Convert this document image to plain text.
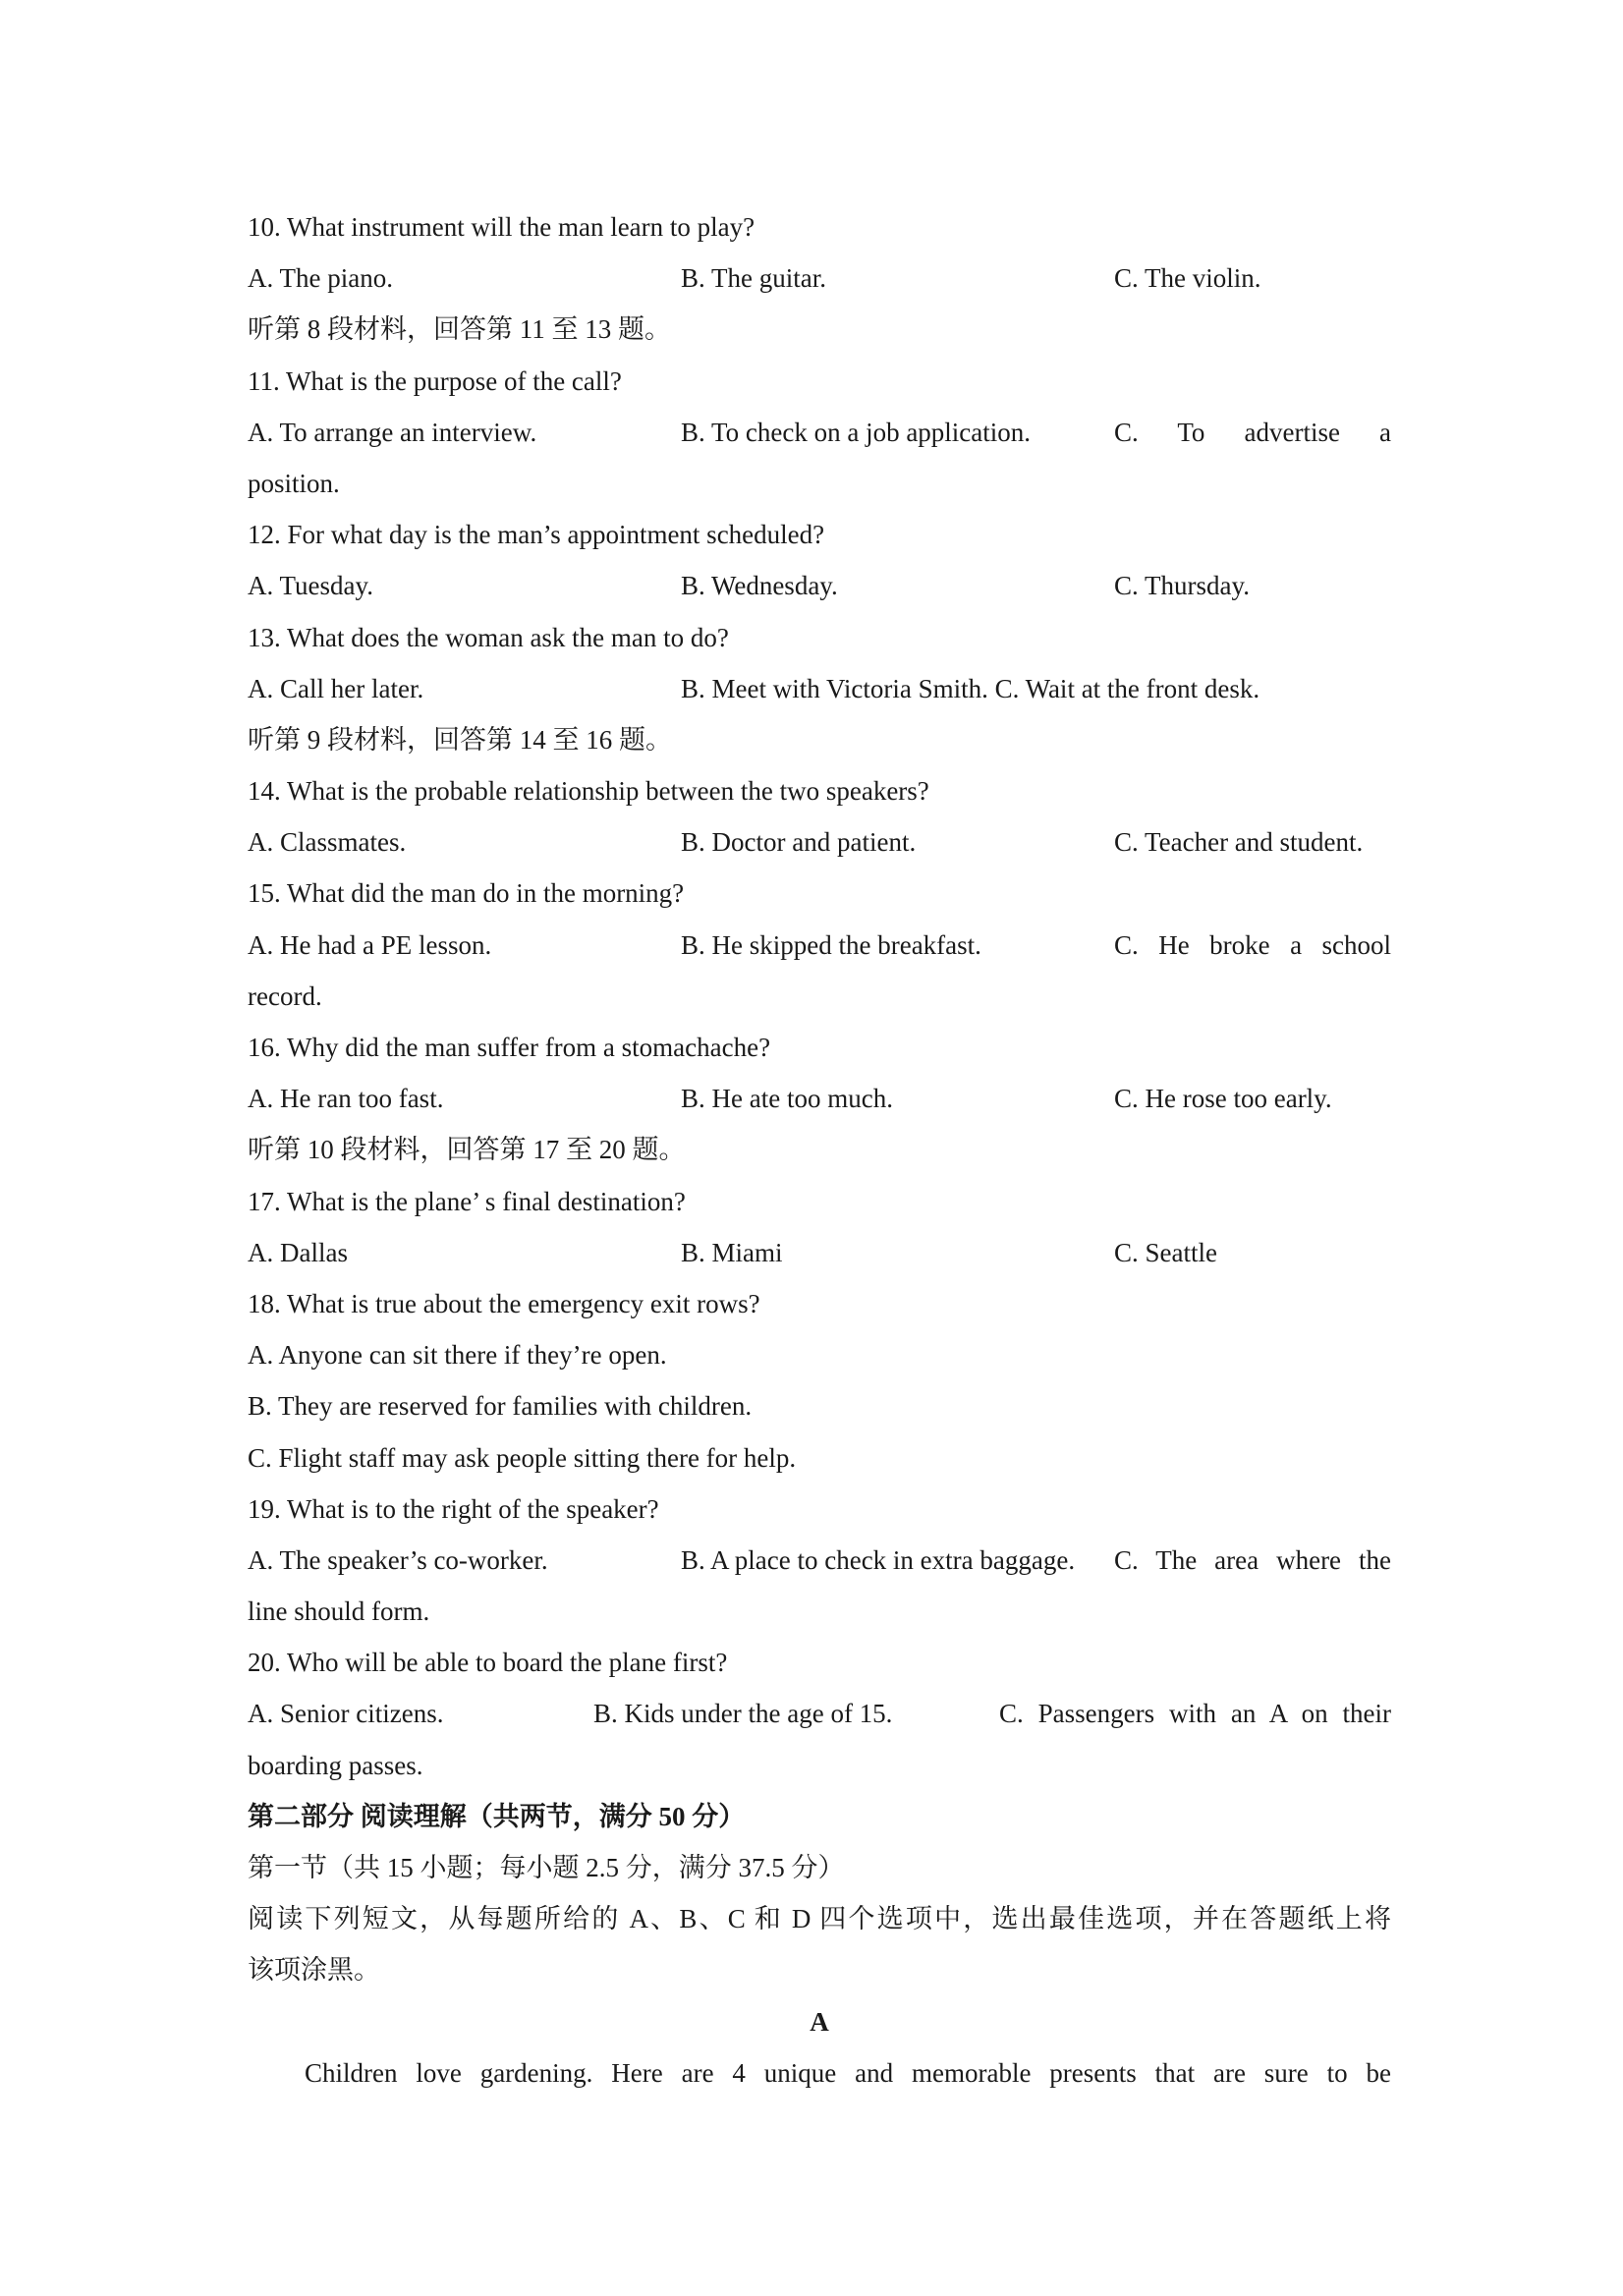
10. What instrument will the man learn to play?
A. The piano.	B. The guitar.	C. The violin.
听第 8 段材料，回答第 11 至 13 题。
11. What is the purpose of the call?
A. To arrange an interview.	B. To check on a job application.	C. To advertise a
position.
12. For what day is the man’s appointment scheduled?
A. Tuesday.	B. Wednesday.	C. Thursday.
13. What does the woman ask the man to do?
A. Call her later.	B. Meet with Victoria Smith. C. Wait at the front desk.
听第 9 段材料，回答第 14 至 16 题。
14. What is the probable relationship between the two speakers?
A. Classmates.	B. Doctor and patient.	C. Teacher and student.
15. What did the man do in the morning?
A. He had a PE lesson.	B. He skipped the breakfast.	C. He broke a school
record.
16. Why did the man suffer from a stomachache?
A. He ran too fast.	B. He ate too much.	C. He rose too early.
听第 10 段材料，回答第 17 至 20 题。
17. What is the plane’ s final destination?
A. Dallas	B. Miami	C. Seattle
18. What is true about the emergency exit rows?
A. Anyone can sit there if they’re open.
B. They are reserved for families with children.
C. Flight staff may ask people sitting there for help.
19. What is to the right of the speaker?
A. The speaker’s co-worker.	B. A place to check in extra baggage.	C. The area where the
line should form.
20. Who will be able to board the plane first?
A. Senior citizens.	B. Kids under the age of 15.	C. Passengers with an A on their
boarding passes.
第二部分 阅读理解（共两节，满分 50 分）
第一节（共 15 小题；每小题 2.5 分，满分 37.5 分）
阅读下列短文，从每题所给的 A、B、C 和 D 四个选项中，选出最佳选项，并在答题纸上将
该项涂黑。
A
Children love gardening. Here are 4 unique and memorable presents that are sure to be
